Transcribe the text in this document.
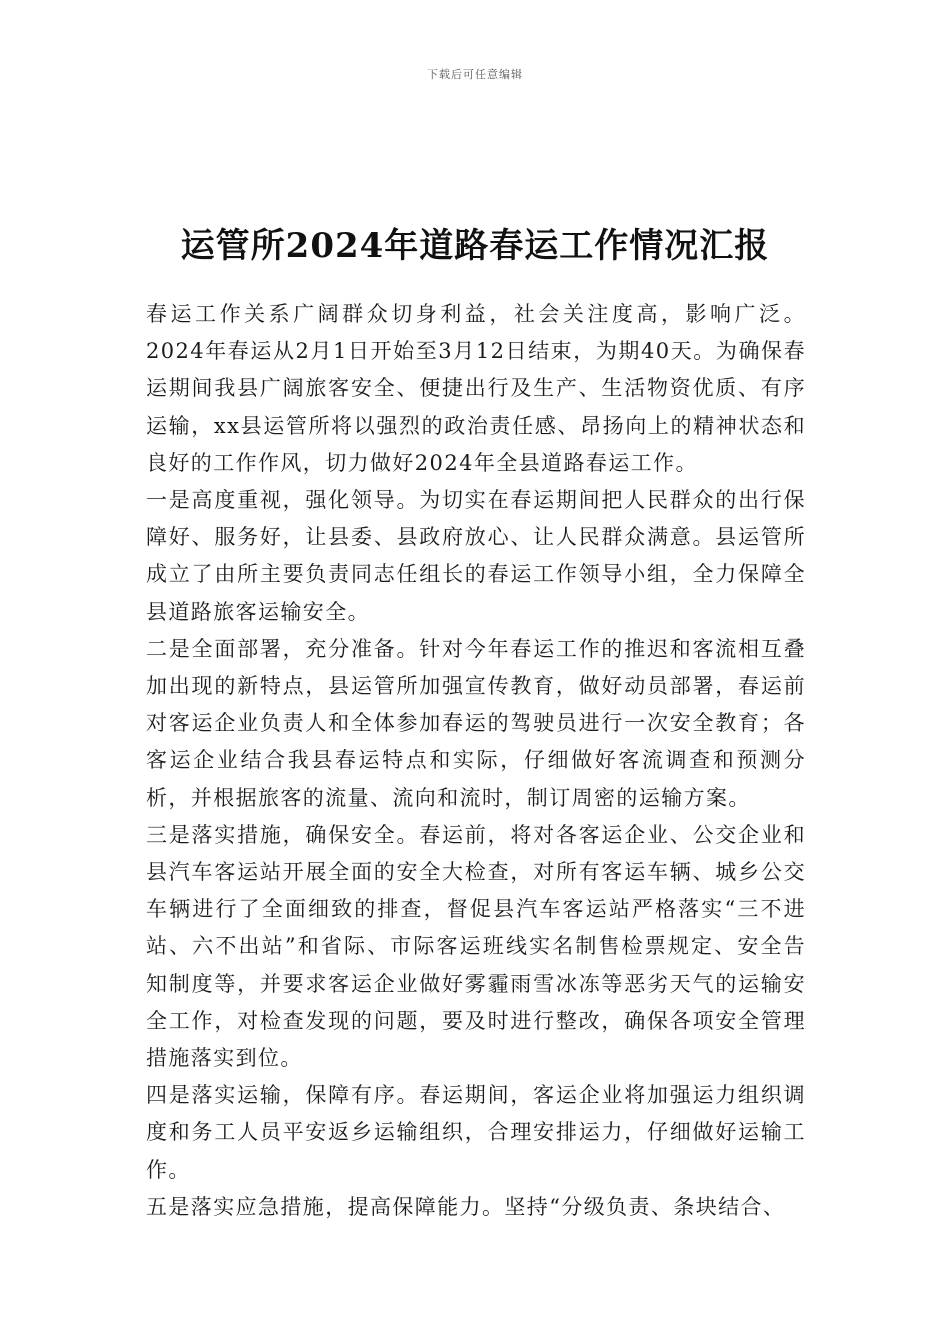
下载后可任意编辑
运管所2024年道路春运工作情况汇报

春运工作关系广阔群众切身利益，社会关注度高，影响广泛。2024年春运从2月1日开始至3月12日结束，为期40天。为确保春运期间我县广阔旅客安全、便捷出行及生产、生活物资优质、有序运输，xx县运管所将以强烈的政治责任感、昂扬向上的精神状态和良好的工作作风，切力做好2024年全县道路春运工作。

一是高度重视，强化领导。为切实在春运期间把人民群众的出行保障好、服务好，让县委、县政府放心、让人民群众满意。县运管所成立了由所主要负责同志任组长的春运工作领导小组，全力保障全县道路旅客运输安全。

二是全面部署，充分准备。针对今年春运工作的推迟和客流相互叠加出现的新特点，县运管所加强宣传教育，做好动员部署，春运前对客运企业负责人和全体参加春运的驾驶员进行一次安全教育；各客运企业结合我县春运特点和实际，仔细做好客流调查和预测分析，并根据旅客的流量、流向和流时，制订周密的运输方案。

三是落实措施，确保安全。春运前，将对各客运企业、公交企业和县汽车客运站开展全面的安全大检查，对所有客运车辆、城乡公交车辆进行了全面细致的排查，督促县汽车客运站严格落实“三不进站、六不出站”和省际、市际客运班线实名制售检票规定、安全告知制度等，并要求客运企业做好雾霾雨雪冰冻等恶劣天气的运输安全工作，对检查发现的问题，要及时进行整改，确保各项安全管理措施落实到位。

四是落实运输，保障有序。春运期间，客运企业将加强运力组织调度和务工人员平安返乡运输组织，合理安排运力，仔细做好运输工作。

五是落实应急措施，提高保障能力。坚持“分级负责、条块结合、
